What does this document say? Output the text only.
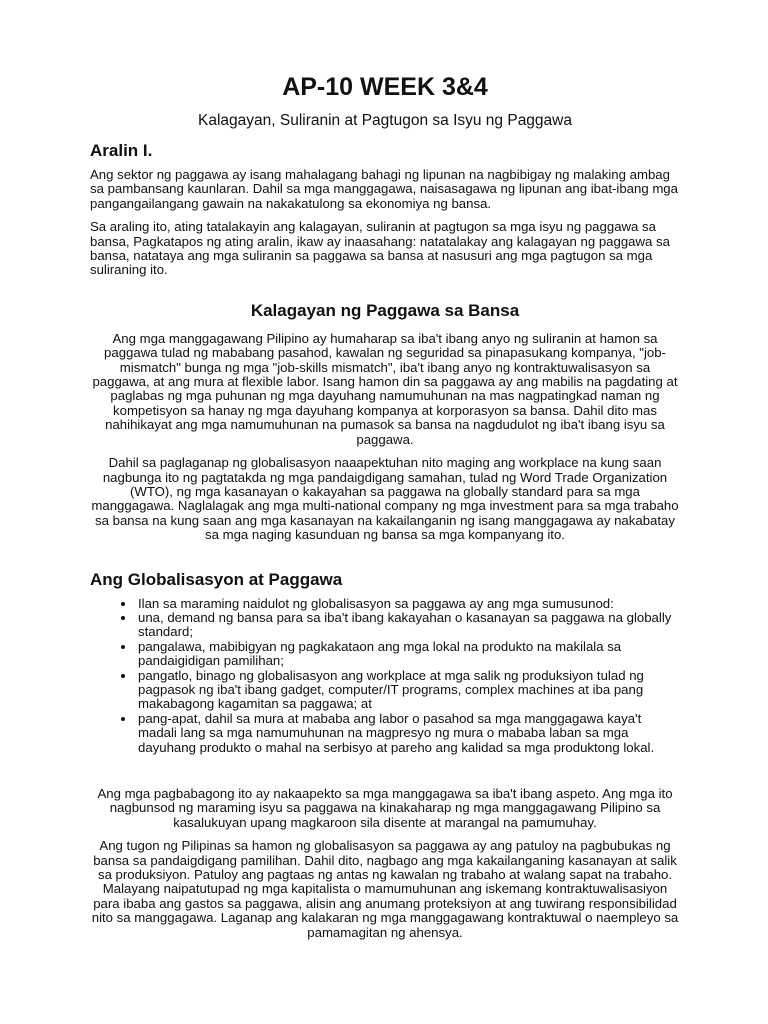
AP-10 WEEK 3&4
Kalagayan, Suliranin at Pagtugon sa Isyu ng Paggawa
Aralin I.

Ang sektor ng paggawa ay isang mahalagang bahagi ng lipunan na nagbibigay ng malaking ambag sa pambansang kaunlaran. Dahil sa mga manggagawa, naisasagawa ng lipunan ang ibat-ibang mga pangangailangang gawain na nakakatulong sa ekonomiya ng bansa.

Sa araling ito, ating tatalakayin ang kalagayan, suliranin at pagtugon sa mga isyu ng paggawa sa bansa, Pagkatapos ng ating aralin, ikaw ay inaasahang: natatalakay ang kalagayan ng paggawa sa bansa, natataya ang mga suliranin sa paggawa sa bansa at nasusuri ang mga pagtugon sa mga suliraning ito.

Kalagayan ng Paggawa sa Bansa

Ang mga manggagawang Pilipino ay humaharap sa iba't ibang anyo ng suliranin at hamon sa paggawa tulad ng mababang pasahod, kawalan ng seguridad sa pinapasukang kompanya, "job-mismatch" bunga ng mga "job-skills mismatch", iba't ibang anyo ng kontraktuwalisasyon sa paggawa, at ang mura at flexible labor. Isang hamon din sa paggawa ay ang mabilis na pagdating at paglabas ng mga puhunan ng mga dayuhang namumuhunan na mas nagpatingkad naman ng kompetisyon sa hanay ng mga dayuhang kompanya at korporasyon sa bansa. Dahil dito mas nahihikayat ang mga namumuhunan na pumasok sa bansa na nagdudulot ng iba't ibang isyu sa paggawa.

Dahil sa paglaganap ng globalisasyon naaapektuhan nito maging ang workplace na kung saan nagbunga ito ng pagtatakda ng mga pandaigdigang samahan, tulad ng Word Trade Organization (WTO), ng mga kasanayan o kakayahan sa paggawa na globally standard para sa mga manggagawa. Naglalagak ang mga multi-national company ng mga investment para sa mga trabaho sa bansa na kung saan ang mga kasanayan na kakailanganin ng isang manggagawa ay nakabatay sa mga naging kasunduan ng bansa sa mga kompanyang ito.

Ang Globalisasyon at Paggawa
• Ilan sa maraming naidulot ng globalisasyon sa paggawa ay ang mga sumusunod:
• una, demand ng bansa para sa iba't ibang kakayahan o kasanayan sa paggawa na globally standard;
• pangalawa, mabibigyan ng pagkakataon ang mga lokal na produkto na makilala sa pandaigidigan pamilihan;
• pangatlo, binago ng globalisasyon ang workplace at mga salik ng produksiyon tulad ng pagpasok ng iba't ibang gadget, computer/IT programs, complex machines at iba pang makabagong kagamitan sa paggawa; at
• pang-apat, dahil sa mura at mababa ang labor o pasahod sa mga manggagawa kaya't madali lang sa mga namumuhunan na magpresyo ng mura o mababa laban sa mga dayuhang produkto o mahal na serbisyo at pareho ang kalidad sa mga produktong lokal.

Ang mga pagbabagong ito ay nakaapekto sa mga manggagawa sa iba't ibang aspeto. Ang mga ito nagbunsod ng maraming isyu sa paggawa na kinakaharap ng mga manggagawang Pilipino sa kasalukuyan upang magkaroon sila disente at marangal na pamumuhay.

Ang tugon ng Pilipinas sa hamon ng globalisasyon sa paggawa ay ang patuloy na pagbubukas ng bansa sa pandaigdigang pamilihan. Dahil dito, nagbago ang mga kakailanganing kasanayan at salik sa produksiyon. Patuloy ang pagtaas ng antas ng kawalan ng trabaho at walang sapat na trabaho. Malayang naipatutupad ng mga kapitalista o mamumuhunan ang iskemang kontraktuwalisasiyon para ibaba ang gastos sa paggawa, alisin ang anumang proteksiyon at ang tuwirang responsibilidad nito sa manggagawa. Laganap ang kalakaran ng mga manggagawang kontraktuwal o naempleyo sa pamamagitan ng ahensya.
